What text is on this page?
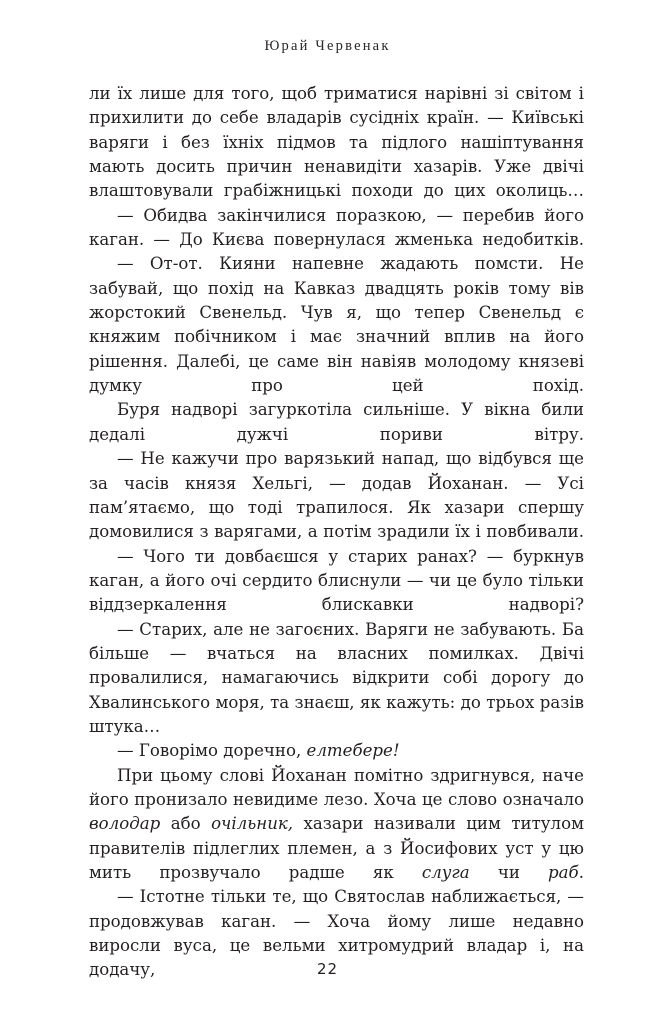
Юрай Червенак

ли їх лише для того, щоб триматися нарівні зі світом і прихилити до себе владарів сусідніх країн. — Київські варяги і без їхніх підмов та підлого нашіптування мають досить причин ненавидіти хазарів. Уже двічі влаштовували грабіжницькі походи до цих околиць…

— Обидва закінчилися поразкою, — перебив його каган. — До Києва повернулася жменька недобитків.

— От-от. Кияни напевне жадають помсти. Не забувай, що похід на Кавказ двадцять років тому вів жорстокий Свенельд. Чув я, що тепер Свенельд є княжим побічником і має значний вплив на його рішення. Далебі, це саме він навіяв молодому князеві думку про цей похід.

Буря надворі загуркотіла сильніше. У вікна били дедалі дужчі пориви вітру.

— Не кажучи про варязький напад, що відбувся ще за часів князя Хельгі, — додав Йоханан. — Усі пам’ятаємо, що тоді трапилося. Як хазари спершу домовилися з варягами, а потім зрадили їх і повбивали.

— Чого ти довбаєшся у старих ранах? — буркнув каган, а його очі сердито блиснули — чи це було тільки віддзеркалення блискавки надворі?

— Старих, але не загоєних. Варяги не забувають. Ба більше — вчаться на власних помилках. Двічі провалилися, намагаючись відкрити собі дорогу до Хвалинського моря, та знаєш, як кажуть: до трьох разів штука…

— Говорімо доречно, елтебере!

При цьому слові Йоханан помітно здригнувся, наче його пронизало невидиме лезо. Хоча це слово означало володар або очільник, хазари називали цим титулом правителів підлеглих племен, а з Йосифових уст у цю мить прозвучало радше як слуга чи раб.

— Істотне тільки те, що Святослав наближається, — продовжував каган. — Хоча йому лише недавно виросли вуса, це вельми хитромудрий владар і, на додачу,	22
